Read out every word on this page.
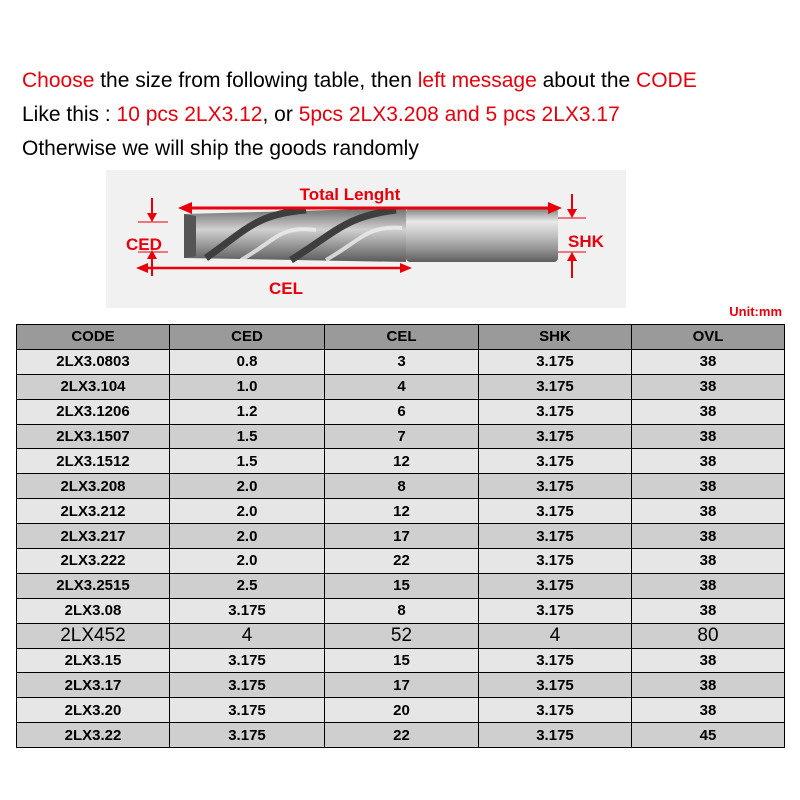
Choose the size from following table, then left message about the CODE
Like this : 10 pcs 2LX3.12, or 5pcs 2LX3.208 and 5 pcs 2LX3.17
Otherwise we will ship the goods randomly
Total Lenght
CED
CEL
SHK
Unit:mm
CODE	CED	CEL	SHK	OVL
2LX3.0803	0.8	3	3.175	38
2LX3.104	1.0	4	3.175	38
2LX3.1206	1.2	6	3.175	38
2LX3.1507	1.5	7	3.175	38
2LX3.1512	1.5	12	3.175	38
2LX3.208	2.0	8	3.175	38
2LX3.212	2.0	12	3.175	38
2LX3.217	2.0	17	3.175	38
2LX3.222	2.0	22	3.175	38
2LX3.2515	2.5	15	3.175	38
2LX3.08	3.175	8	3.175	38
2LX452	4	52	4	80
2LX3.15	3.175	15	3.175	38
2LX3.17	3.175	17	3.175	38
2LX3.20	3.175	20	3.175	38
2LX3.22	3.175	22	3.175	45
